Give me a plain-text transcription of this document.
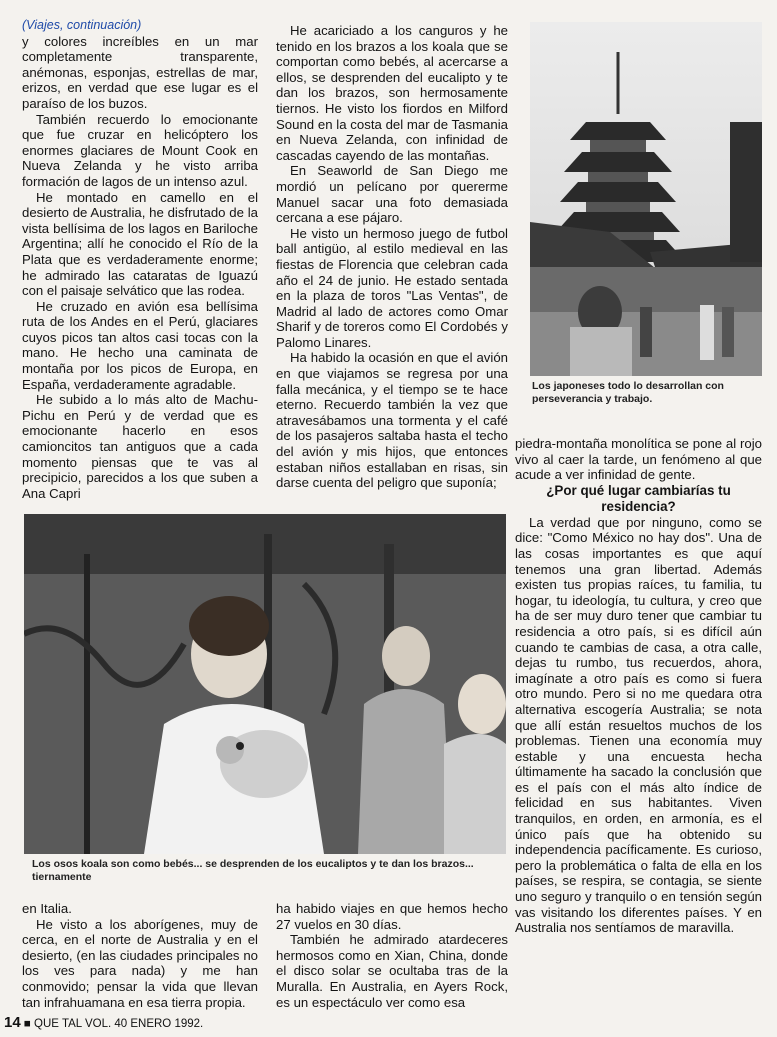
(Viajes, continuación)

y colores increíbles en un mar completamente transparente, anémonas, esponjas, estrellas de mar, erizos, en verdad que ese lugar es el paraíso de los buzos.

También recuerdo lo emocionante que fue cruzar en helicóptero los enormes glaciares de Mount Cook en Nueva Zelanda y he visto arriba formación de lagos de un intenso azul.

He montado en camello en el desierto de Australia, he disfrutado de la vista bellísima de los lagos en Bariloche Argentina; allí he conocido el Río de la Plata que es verdaderamente enorme; he admirado las cataratas de Iguazú con el paisaje selvático que las rodea.

He cruzado en avión esa bellísima ruta de los Andes en el Perú, glaciares cuyos picos tan altos casi tocas con la mano. He hecho una caminata de montaña por los picos de Europa, en España, verdaderamente agradable.

He subido a lo más alto de Machu-Pichu en Perú y de verdad que es emocionante hacerlo en esos camioncitos tan antiguos que a cada momento piensas que te vas al precipicio, parecidos a los que suben a Ana Capri

He acariciado a los canguros y he tenido en los brazos a los koala que se comportan como bebés, al acercarse a ellos, se desprenden del eucalipto y te dan los brazos, son hermosamente tiernos. He visto los fiordos en Milford Sound en la costa del mar de Tasmania en Nueva Zelanda, con infinidad de cascadas cayendo de las montañas.

En Seaworld de San Diego me mordió un pelícano por quererme Manuel sacar una foto demasiada cercana a ese pájaro.

He visto un hermoso juego de futbol ball antigüo, al estilo medieval en las fiestas de Florencia que celebran cada año el 24 de junio. He estado sentada en la plaza de toros "Las Ventas", de Madrid al lado de actores como Omar Sharif y de toreros como El Cordobés y Palomo Linares.

Ha habido la ocasión en que el avión en que viajamos se regresa por una falla mecánica, y el tiempo se te hace eterno. Recuerdo también la vez que atravesábamos una tormenta y el café de los pasajeros saltaba hasta el techo del avión y mis hijos, que entonces estaban niños estallaban en risas, sin darse cuenta del peligro que suponía;

Los japoneses todo lo desarrollan con perseverancia y trabajo.

piedra-montaña monolítica se pone al rojo vivo al caer la tarde, un fenómeno al que acude a ver infinidad de gente.

¿Por qué lugar cambiarías tu residencia?

La verdad que por ninguno, como se dice: "Como México no hay dos". Una de las cosas importantes es que aquí tenemos una gran libertad. Además existen tus propias raíces, tu familia, tu hogar, tu ideología, tu cultura, y creo que ha de ser muy duro tener que cambiar tu residencia a otro país, si es difícil aún cuando te cambias de casa, a otra calle, dejas tu rumbo, tus recuerdos, ahora, imagínate a otro país es como si fuera otro mundo. Pero si no me quedara otra alternativa escogería Australia; se nota que allí están resueltos muchos de los problemas. Tienen una economía muy estable y una encuesta hecha últimamente ha sacado la conclusión que es el país con el más alto índice de felicidad en sus habitantes. Viven tranquilos, en orden, en armonía, es el único país que ha obtenido su independencia pacíficamente. Es curioso, pero la problemática o falta de ella en los países, se respira, se contagia, se siente uno seguro y tranquilo o en tensión según vas visitando los diferentes países. Y en Australia nos sentíamos de maravilla.

Los osos koala son como bebés... se desprenden de los eucaliptos y te dan los brazos... tiernamente

en Italia.

He visto a los aborígenes, muy de cerca, en el norte de Australia y en el desierto, (en las ciudades principales no los ves para nada) y me han conmovido; pensar la vida que llevan tan infrahuamana en esa tierra propia.

ha habido viajes en que hemos hecho 27 vuelos en 30 días.

También he admirado atardeceres hermosos como en Xian, China, donde el disco solar se ocultaba tras de la Muralla. En Australia, en Ayers Rock, es un espectáculo ver como esa

14 ■ QUE TAL VOL. 40 ENERO 1992.
